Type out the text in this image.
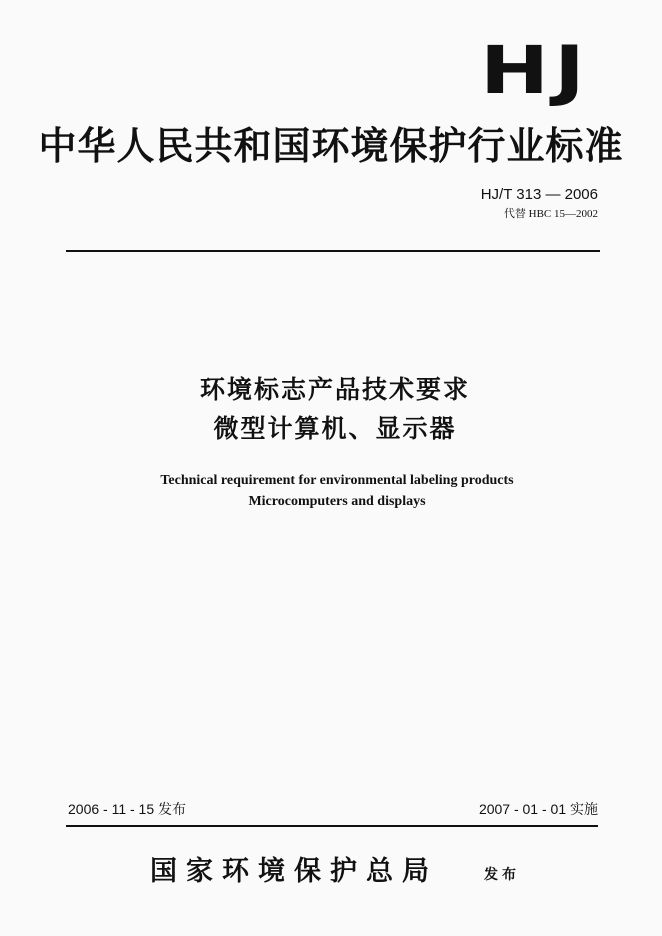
HJ
中华人民共和国环境保护行业标准
HJ/T 313 — 2006
代替 HBC 15—2002
环境标志产品技术要求
微型计算机、显示器
Technical requirement for environmental labeling products
Microcomputers and displays
2006 - 11 - 15 发布	2007 - 01 - 01 实施
国家环境保护总局	发布
